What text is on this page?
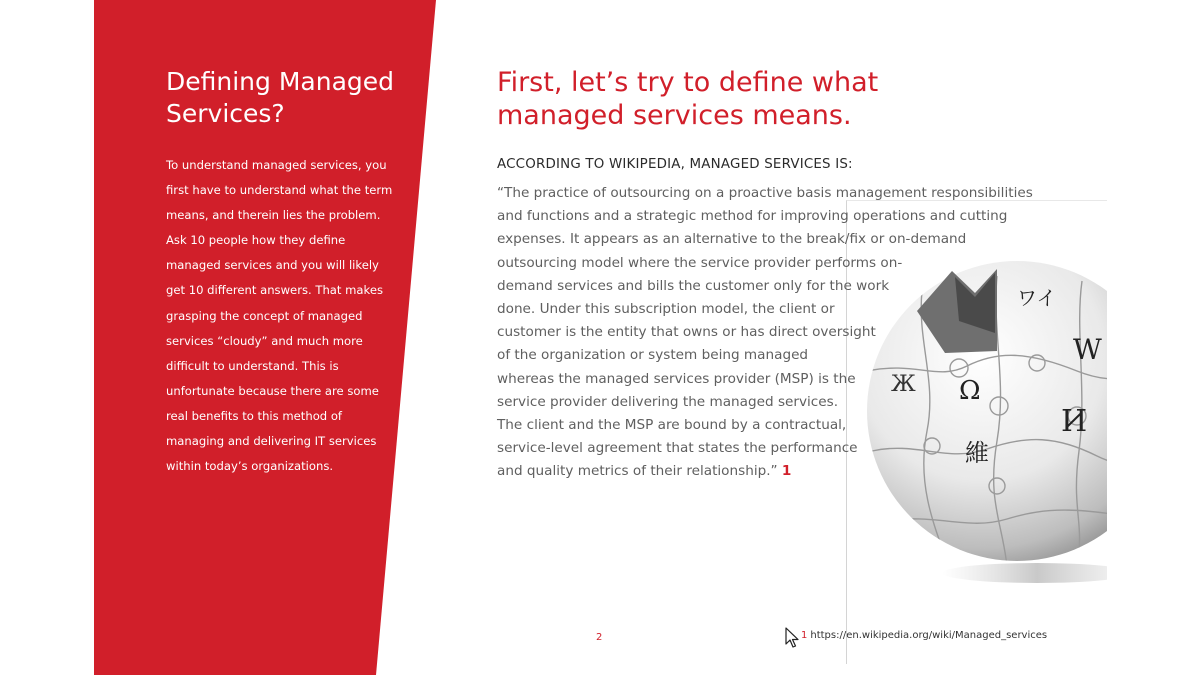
Defining Managed
Services?

To understand managed services, you first have to understand what the term means, and therein lies the problem. Ask 10 people how they define managed services and you will likely get 10 different answers. That makes grasping the concept of managed services “cloudy” and much more difficult to understand. This is unfortunate because there are some real benefits to this method of managing and delivering IT services within today’s organizations.

First, let’s try to define what
managed services means.
W
Ω
И
維
ワイ
Ж

ACCORDING TO WIKIPEDIA, MANAGED SERVICES IS:

“The practice of outsourcing on a proactive basis management responsibilities
and functions and a strategic method for improving operations and cutting
expenses. It appears as an alternative to the break/fix or on-demand
outsourcing model where the service provider performs on-
demand services and bills the customer only for the work
done. Under this subscription model, the client or
customer is the entity that owns or has direct oversight
of the organization or system being managed
whereas the managed services provider (MSP) is the
service provider delivering the managed services.
The client and the MSP are bound by a contractual,
service-level agreement that states the performance
and quality metrics of their relationship.” 1

2	1 https://en.wikipedia.org/wiki/Managed_services
